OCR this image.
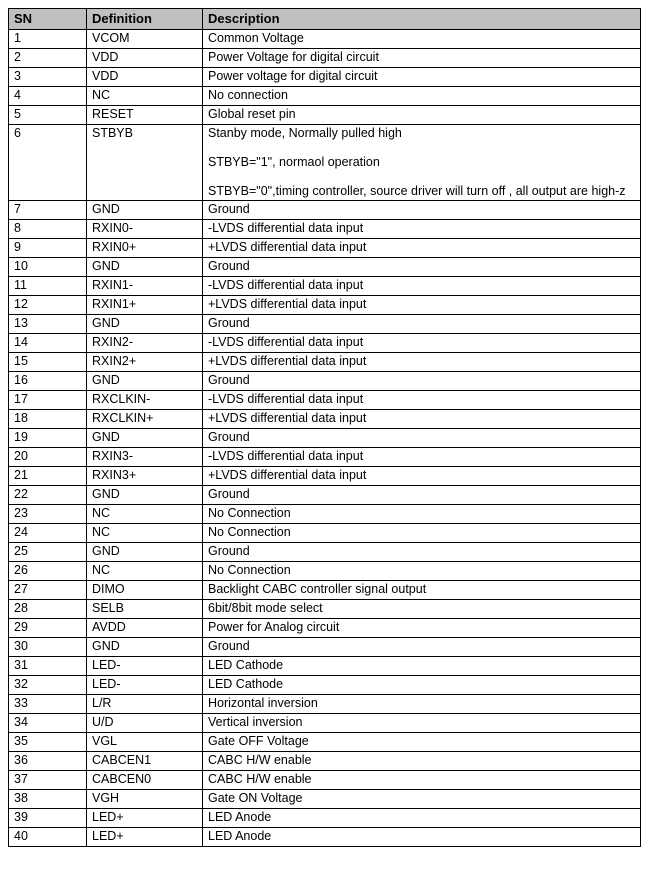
SN	Definition	Description
1	VCOM	Common Voltage
2	VDD	Power Voltage for digital circuit
3	VDD	Power voltage for digital circuit
4	NC	No connection
5	RESET	Global reset pin
6	STBYB	Stanby mode, Normally pulled high

STBYB="1", normaol operation

STBYB="0",timing controller, source driver will turn off , all output are high-z

7	GND	Ground
8	RXIN0-	-LVDS differential data input
9	RXIN0+	+LVDS differential data input
10	GND	Ground
11	RXIN1-	-LVDS differential data input
12	RXIN1+	+LVDS differential data input
13	GND	Ground
14	RXIN2-	-LVDS differential data input
15	RXIN2+	+LVDS differential data input
16	GND	Ground
17	RXCLKIN-	-LVDS differential data input
18	RXCLKIN+	+LVDS differential data input
19	GND	Ground
20	RXIN3-	-LVDS differential data input
21	RXIN3+	+LVDS differential data input
22	GND	Ground
23	NC	No Connection
24	NC	No Connection
25	GND	Ground
26	NC	No Connection
27	DIMO	Backlight CABC controller signal output
28	SELB	6bit/8bit mode select
29	AVDD	Power for Analog circuit
30	GND	Ground
31	LED-	LED Cathode
32	LED-	LED Cathode
33	L/R	Horizontal inversion
34	U/D	Vertical inversion
35	VGL	Gate OFF Voltage
36	CABCEN1	CABC H/W enable
37	CABCEN0	CABC H/W enable
38	VGH	Gate ON Voltage
39	LED+	LED Anode
40	LED+	LED Anode
